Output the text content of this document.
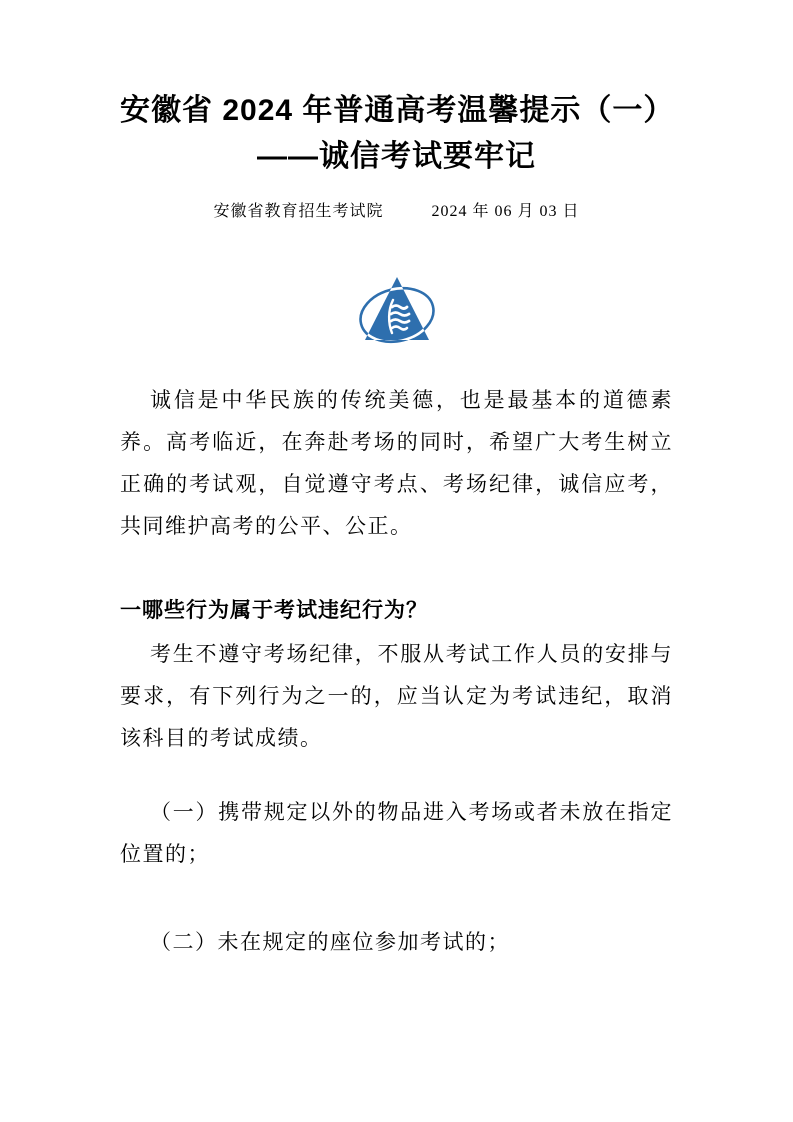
安徽省 2024 年普通高考温馨提示（一）
——诚信考试要牢记
安徽省教育招生考试院	2024 年 06 月 03 日

诚信是中华民族的传统美德，也是最基本的道德素养。高考临近，在奔赴考场的同时，希望广大考生树立正确的考试观，自觉遵守考点、考场纪律，诚信应考，共同维护高考的公平、公正。

一哪些行为属于考试违纪行为？

考生不遵守考场纪律，不服从考试工作人员的安排与要求，有下列行为之一的，应当认定为考试违纪，取消该科目的考试成绩。

（一）携带规定以外的物品进入考场或者未放在指定位置的；

（二）未在规定的座位参加考试的；
